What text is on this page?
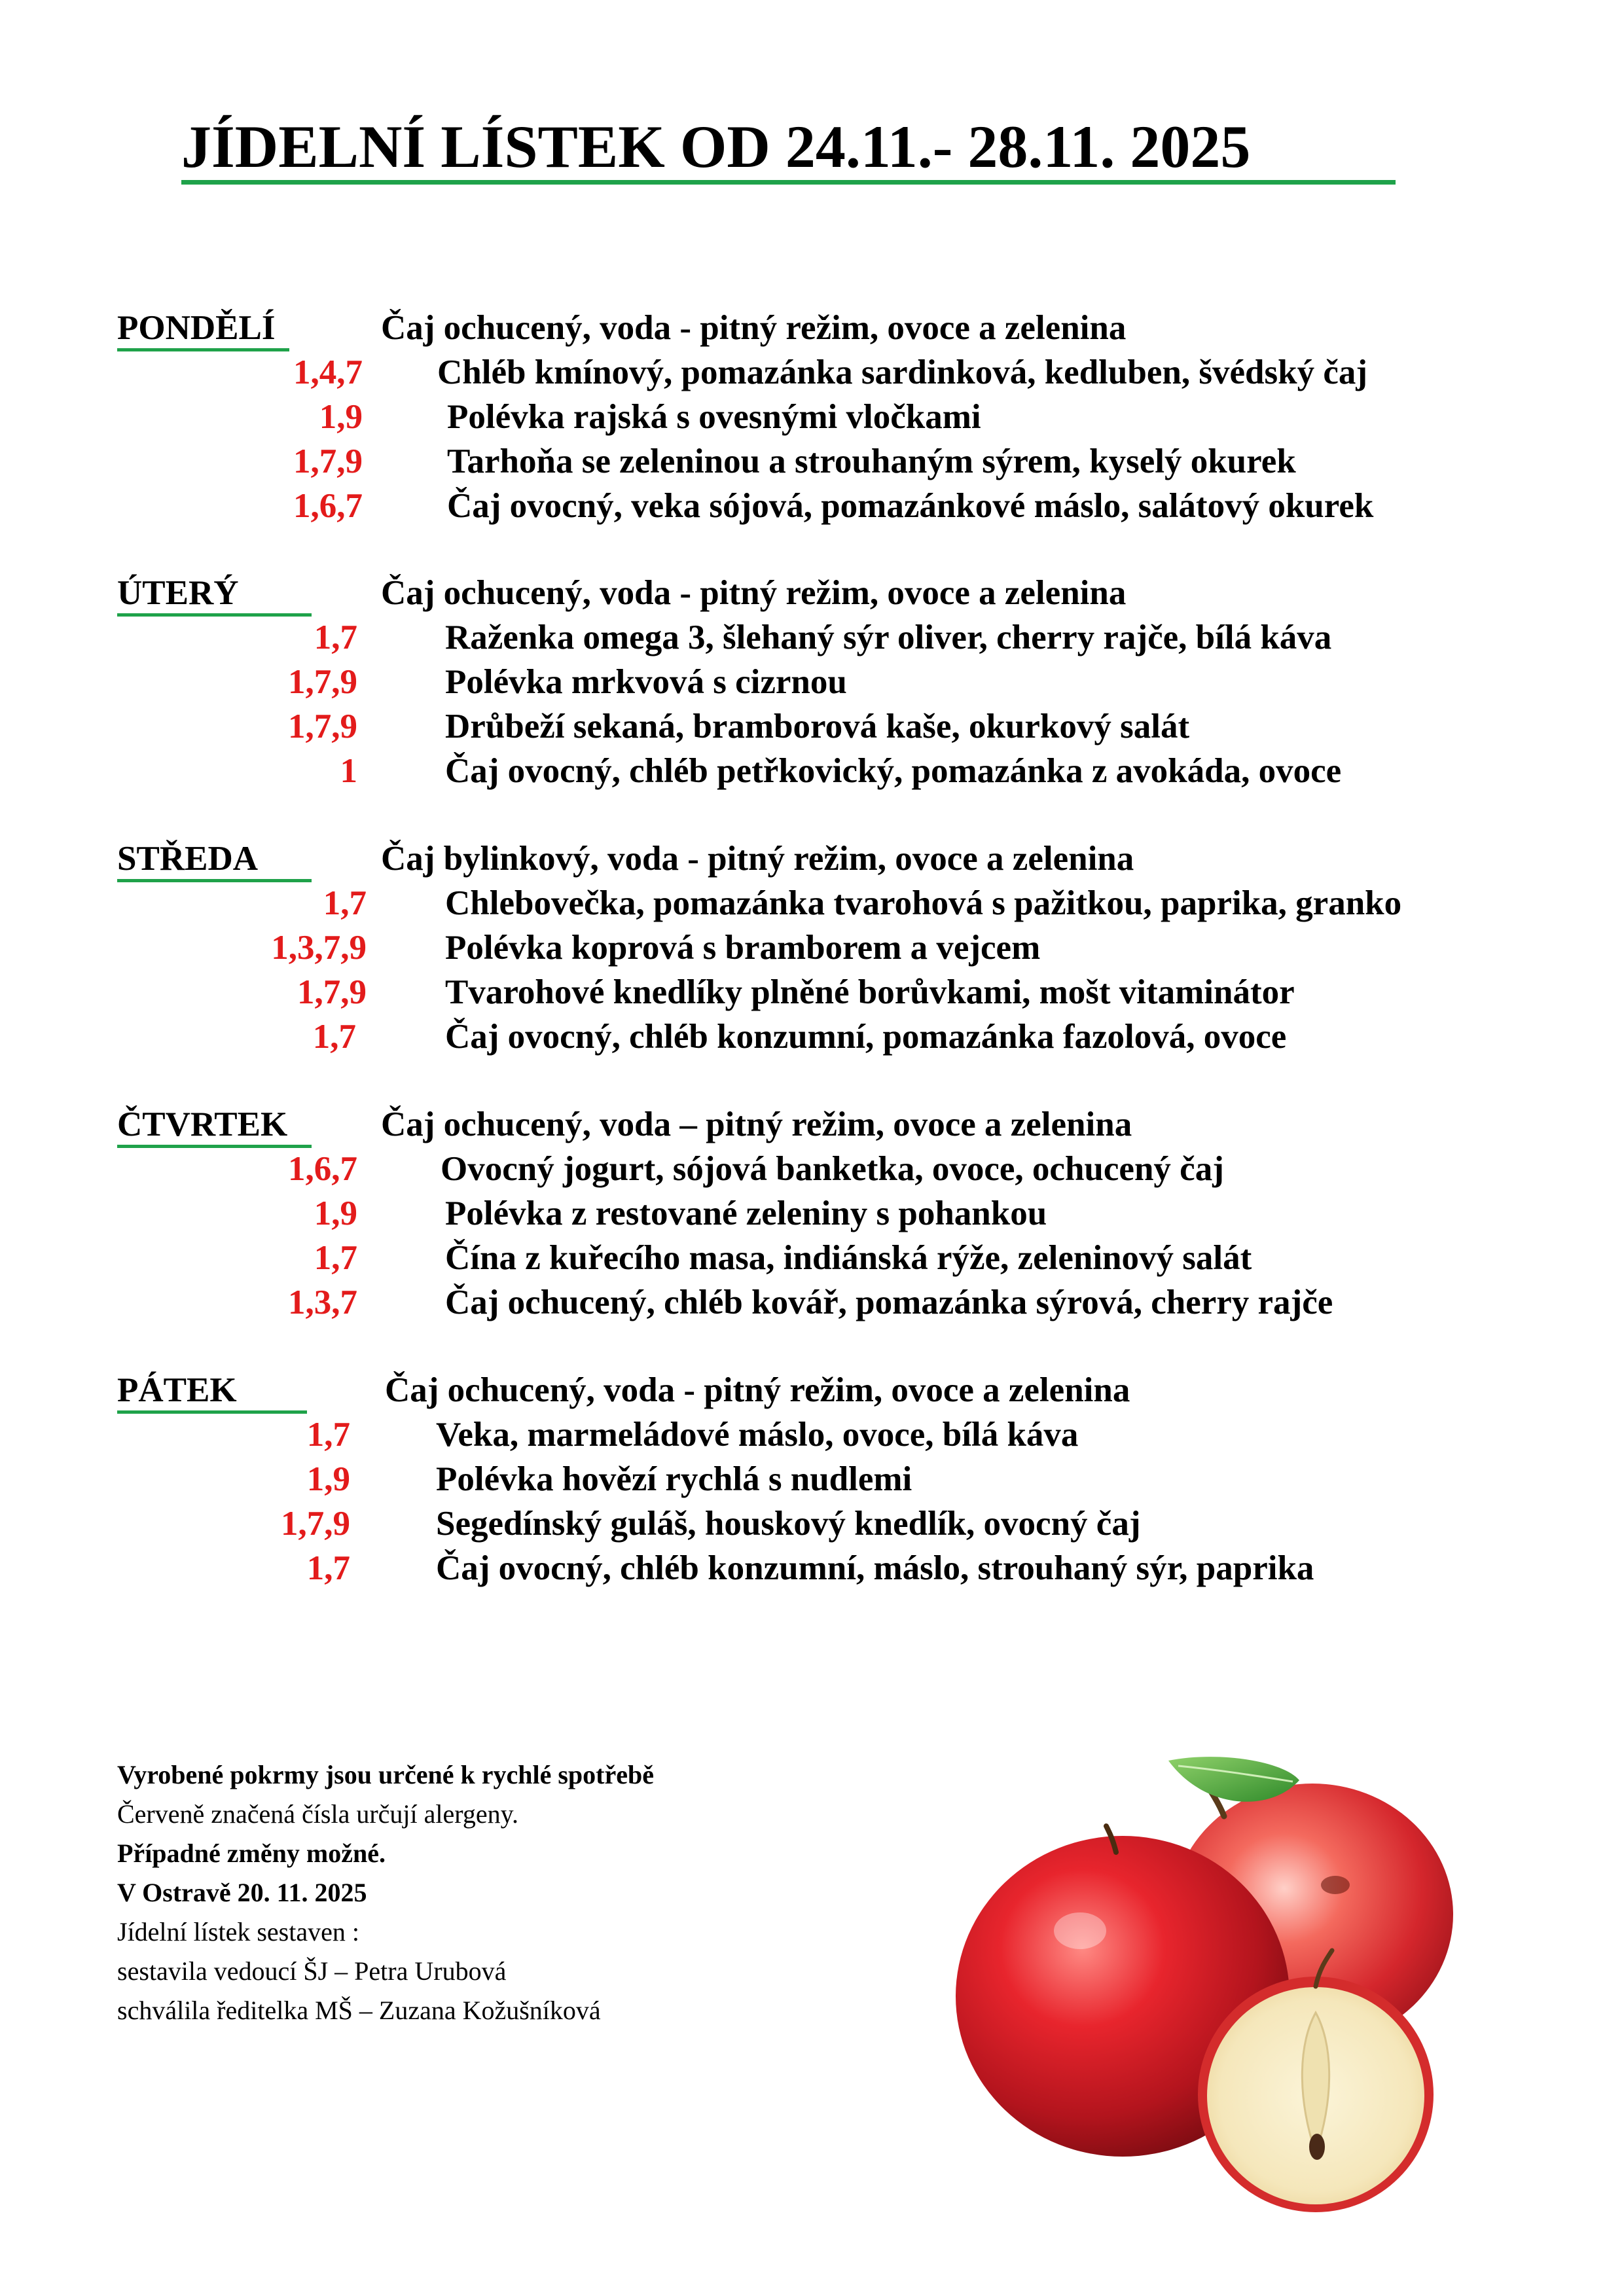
JÍDELNÍ LÍSTEK OD 24.11.- 28.11. 2025
PONDĚLÍ	Čaj ochucený, voda - pitný režim, ovoce a zelenina
1,4,7 Chléb kmínový, pomazánka sardinková, kedluben, švédský čaj
1,9 Polévka rajská s ovesnými vločkami
1,7,9 Tarhoňa se zeleninou a strouhaným sýrem, kyselý okurek
1,6,7 Čaj ovocný, veka sójová, pomazánkové máslo, salátový okurek
ÚTERÝ	Čaj ochucený, voda - pitný režim, ovoce a zelenina
1,7	Raženka omega 3, šlehaný sýr oliver, cherry rajče, bílá káva
1,7,9	Polévka mrkvová s cizrnou
1,7,9	Drůbeží sekaná, bramborová kaše, okurkový salát
1	Čaj ovocný, chléb petřkovický, pomazánka z avokáda, ovoce
STŘEDA	Čaj bylinkový, voda - pitný režim, ovoce a zelenina
1,7 Chlebovečka, pomazánka tvarohová s pažitkou, paprika, granko
1,3,7,9 Polévka koprová s bramborem a vejcem
1,7,9 Tvarohové knedlíky plněné borůvkami, mošt vitaminátor
1,7	Čaj ovocný, chléb konzumní, pomazánka fazolová, ovoce
ČTVRTEK	Čaj ochucený, voda – pitný režim, ovoce a zelenina
1,6,7 Ovocný jogurt, sójová banketka, ovoce, ochucený čaj
1,9	Polévka z restované zeleniny s pohankou
1,7	Čína z kuřecího masa, indiánská rýže, zeleninový salát
1,3,7	Čaj ochucený, chléb kovář, pomazánka sýrová, cherry rajče
PÁTEK	Čaj ochucený, voda - pitný režim, ovoce a zelenina
1,7 Veka, marmeládové máslo, ovoce, bílá káva
1,9 Polévka hovězí rychlá s nudlemi
1,7,9 Segedínský guláš, houskový knedlík, ovocný čaj
1,7 Čaj ovocný, chléb konzumní, máslo, strouhaný sýr, paprika
Vyrobené pokrmy jsou určené k rychlé spotřebě
Červeně značená čísla určují alergeny.
Případné změny možné.
V Ostravě 20. 11. 2025
Jídelní lístek sestaven :
sestavila vedoucí ŠJ – Petra Urubová
schválila ředitelka MŠ – Zuzana Kožušníková
